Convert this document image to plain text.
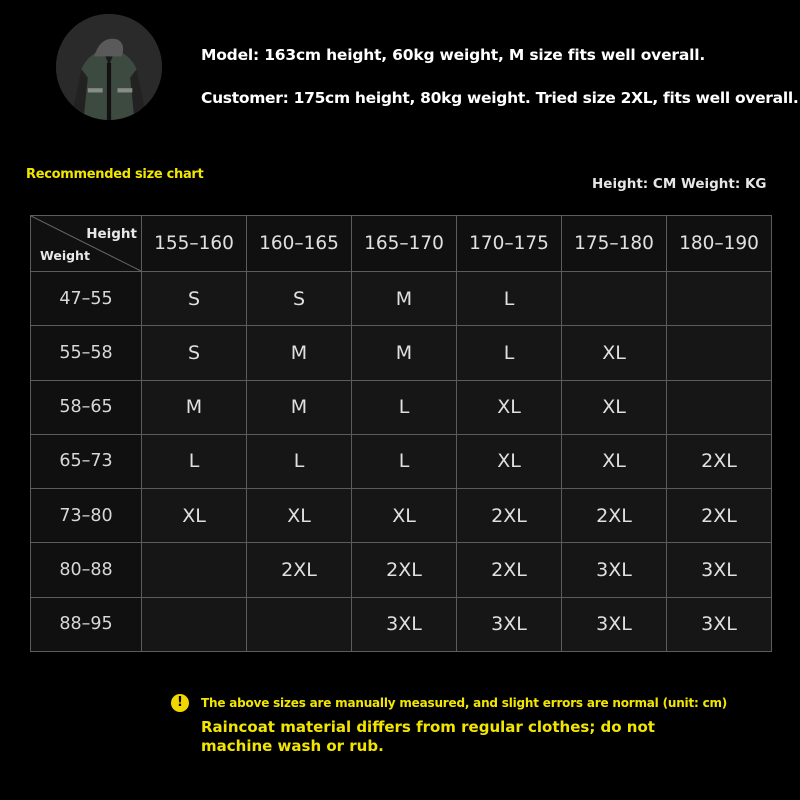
Model: 163cm height, 60kg weight, M size fits well overall.
Customer: 175cm height, 80kg weight. Tried size 2XL, fits well overall.
Recommended size chart
Height: CM Weight: KG
Height
Weight	155–160	160–165	165–170	170–175	175–180	180–190
47–55	S	S	M	L		
55–58	S	M	M	L	XL	
58–65	M	M	L	XL	XL	
65–73	L	L	L	XL	XL	2XL
73–80	XL	XL	XL	2XL	2XL	2XL
80–88		2XL	2XL	2XL	3XL	3XL
88–95			3XL	3XL	3XL	3XL
!	The above sizes are manually measured, and slight errors are normal (unit: cm)
Raincoat material differs from regular clothes; do not machine wash or rub.
